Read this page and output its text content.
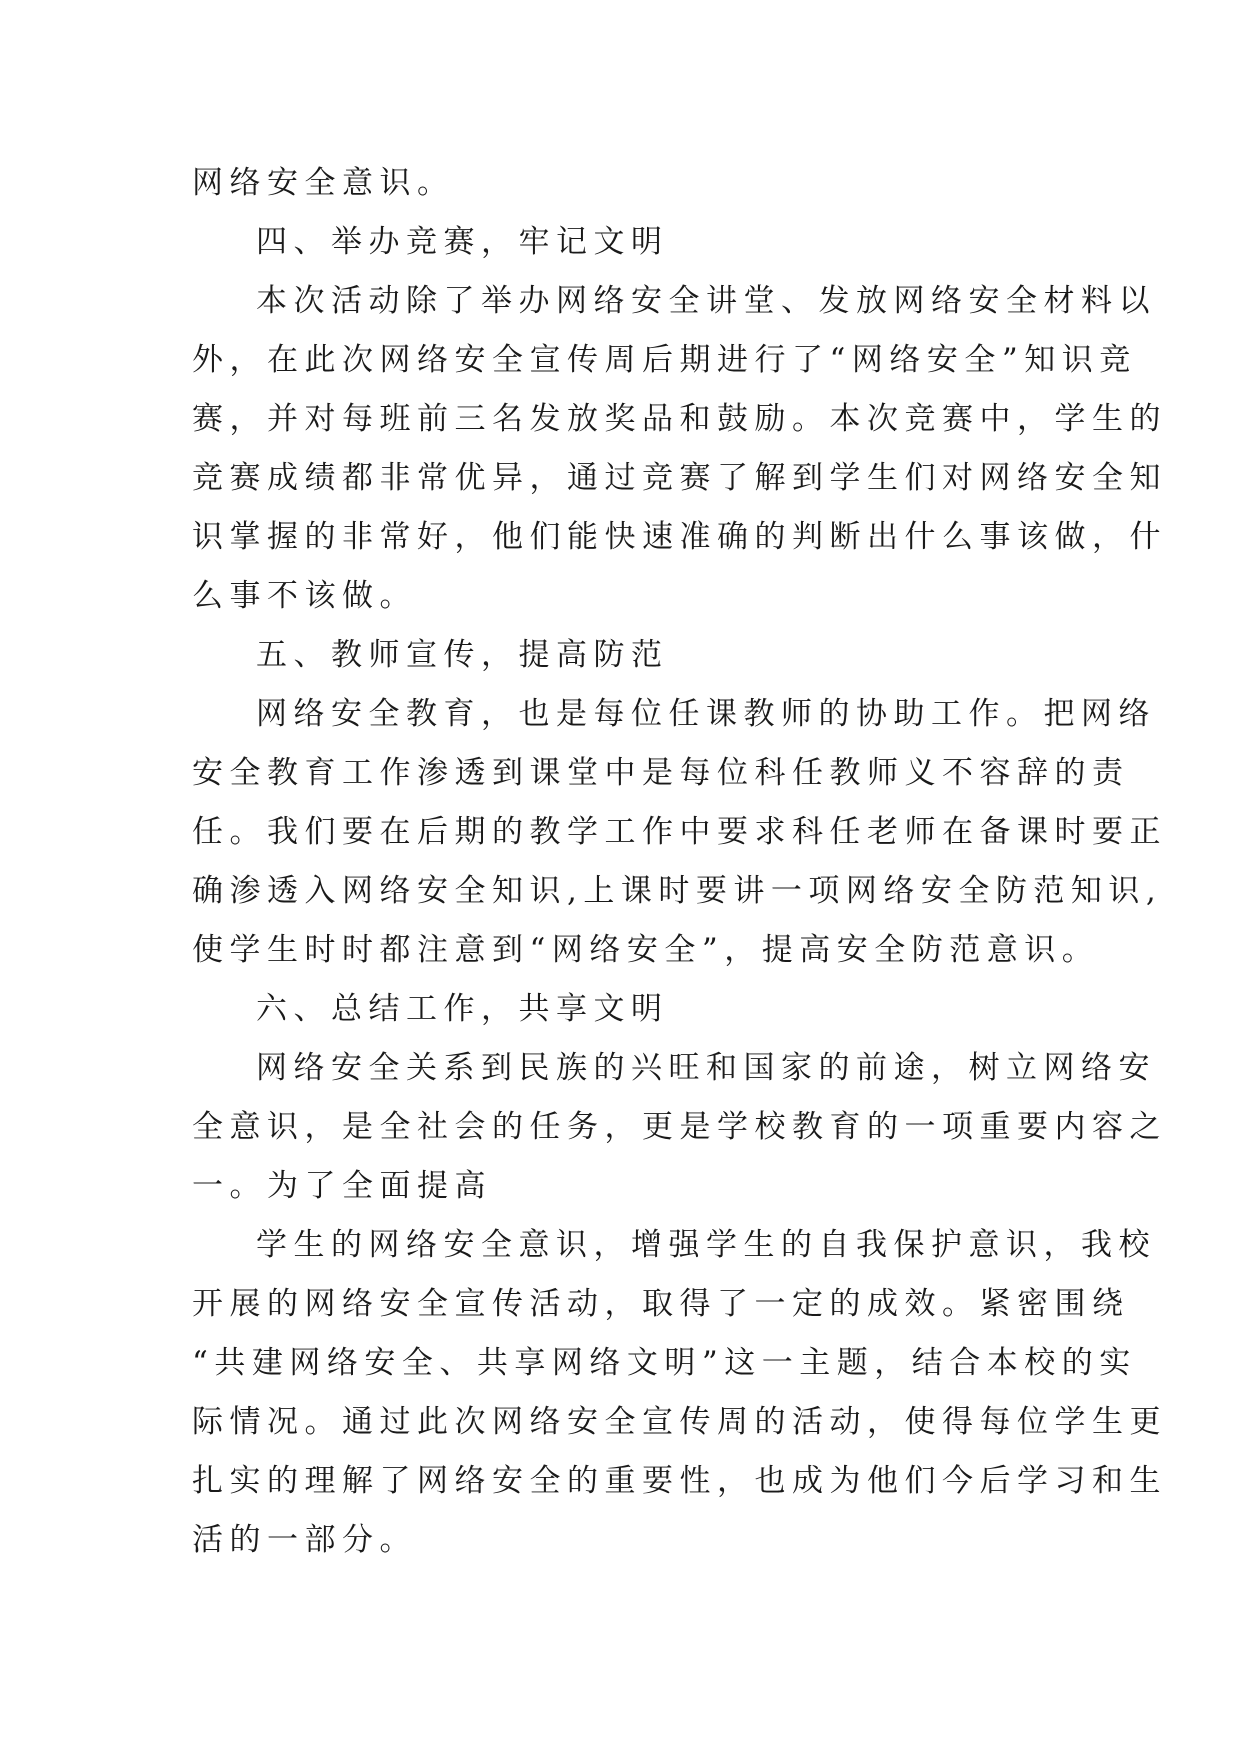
网络安全意识。
四、举办竞赛，牢记文明
本次活动除了举办网络安全讲堂、发放网络安全材料以
外，在此次网络安全宣传周后期进行了“网络安全”知识竞
赛，并对每班前三名发放奖品和鼓励。本次竞赛中，学生的
竞赛成绩都非常优异，通过竞赛了解到学生们对网络安全知
识掌握的非常好，他们能快速准确的判断出什么事该做，什
么事不该做。
五、教师宣传，提高防范
网络安全教育，也是每位任课教师的协助工作。把网络
安全教育工作渗透到课堂中是每位科任教师义不容辞的责
任。我们要在后期的教学工作中要求科任老师在备课时要正
确渗透入网络安全知识,上课时要讲一项网络安全防范知识,
使学生时时都注意到“网络安全”，提高安全防范意识。
六、总结工作，共享文明
网络安全关系到民族的兴旺和国家的前途，树立网络安
全意识，是全社会的任务，更是学校教育的一项重要内容之
一。为了全面提高
学生的网络安全意识，增强学生的自我保护意识，我校
开展的网络安全宣传活动，取得了一定的成效。紧密围绕
“共建网络安全、共享网络文明”这一主题，结合本校的实
际情况。通过此次网络安全宣传周的活动，使得每位学生更
扎实的理解了网络安全的重要性，也成为他们今后学习和生
活的一部分。
